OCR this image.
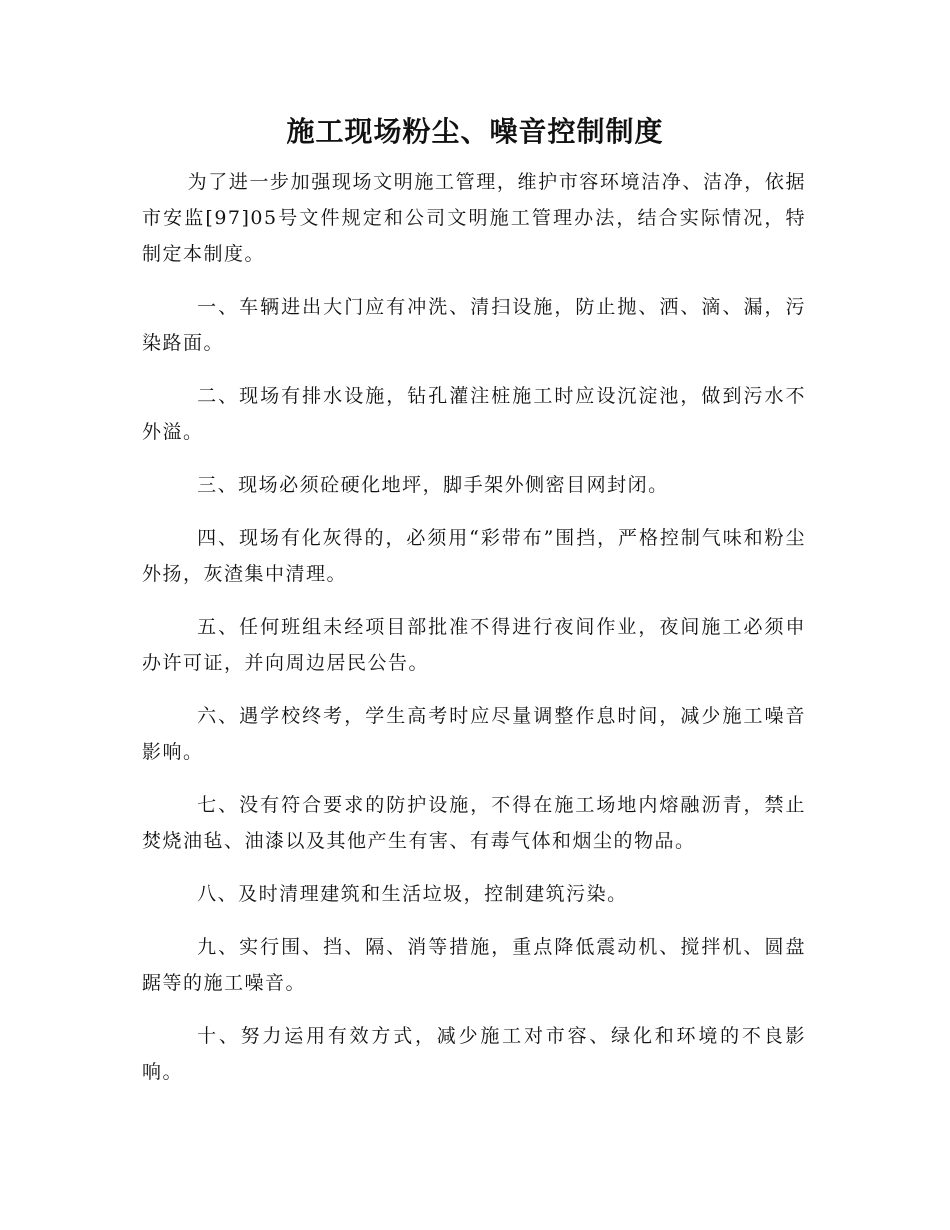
施工现场粉尘、噪音控制制度

为了进一步加强现场文明施工管理，维护市容环境洁净、洁净，依据市安监[97]05号文件规定和公司文明施工管理办法，结合实际情况，特制定本制度。

一、车辆进出大门应有冲洗、清扫设施，防止抛、洒、滴、漏，污染路面。

二、现场有排水设施，钻孔灌注桩施工时应设沉淀池，做到污水不外溢。

三、现场必须砼硬化地坪，脚手架外侧密目网封闭。

四、现场有化灰得的，必须用“彩带布”围挡，严格控制气味和粉尘外扬，灰渣集中清理。

五、任何班组未经项目部批准不得进行夜间作业，夜间施工必须申办许可证，并向周边居民公告。

六、遇学校终考，学生高考时应尽量调整作息时间，减少施工噪音影响。

七、没有符合要求的防护设施，不得在施工场地内熔融沥青，禁止焚烧油毡、油漆以及其他产生有害、有毒气体和烟尘的物品。

八、及时清理建筑和生活垃圾，控制建筑污染。

九、实行围、挡、隔、消等措施，重点降低震动机、搅拌机、圆盘踞等的施工噪音。

十、努力运用有效方式，减少施工对市容、绿化和环境的不良影响。
